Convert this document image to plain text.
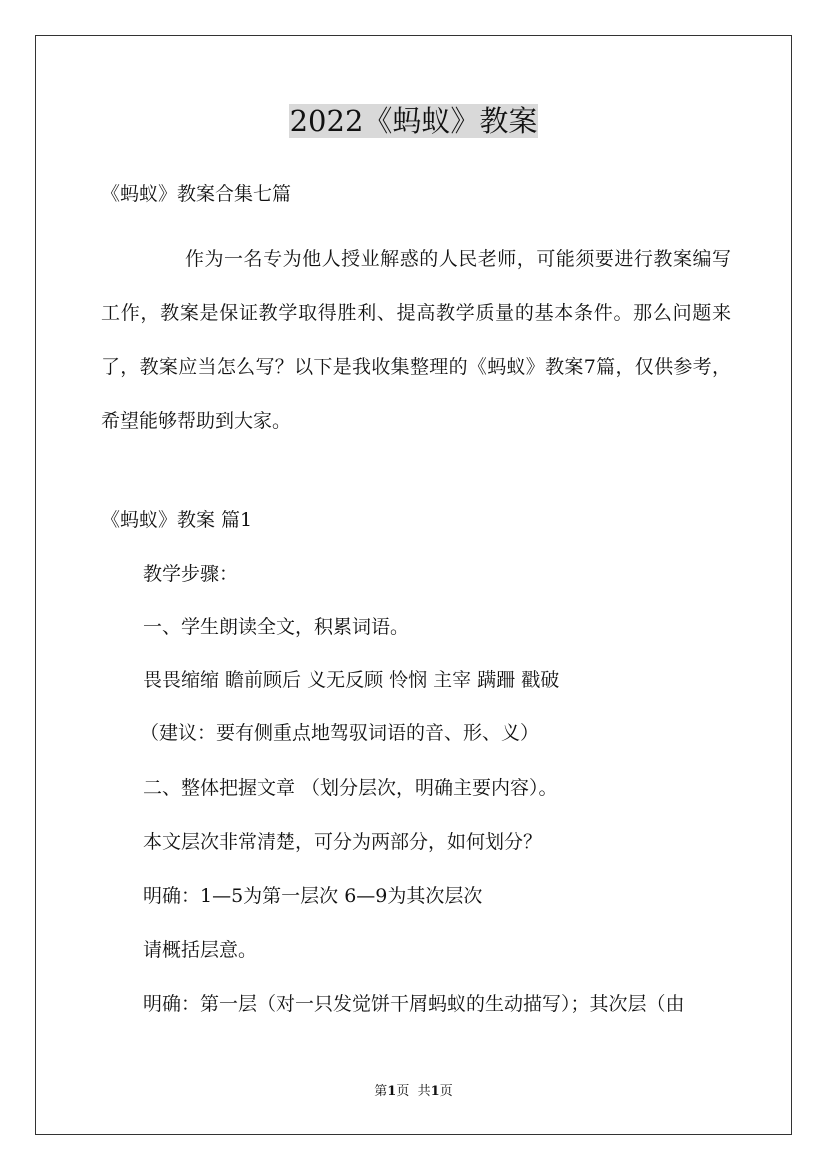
2022《蚂蚁》教案

《蚂蚁》教案合集七篇

作为一名专为他人授业解惑的人民老师，可能须要进行教案编写工作，教案是保证教学取得胜利、提高教学质量的基本条件。那么问题来了，教案应当怎么写？以下是我收集整理的《蚂蚁》教案7篇，仅供参考，希望能够帮助到大家。

《蚂蚁》教案 篇1

教学步骤：

一、学生朗读全文，积累词语。

畏畏缩缩 瞻前顾后 义无反顾 怜悯 主宰 蹒跚 戳破

（建议：要有侧重点地驾驭词语的音、形、义）

二、整体把握文章 （划分层次，明确主要内容）。

本文层次非常清楚，可分为两部分，如何划分？

明确：1—5为第一层次 6—9为其次层次

请概括层意。

明确：第一层（对一只发觉饼干屑蚂蚁的生动描写）；其次层（由

第1页 共1页
